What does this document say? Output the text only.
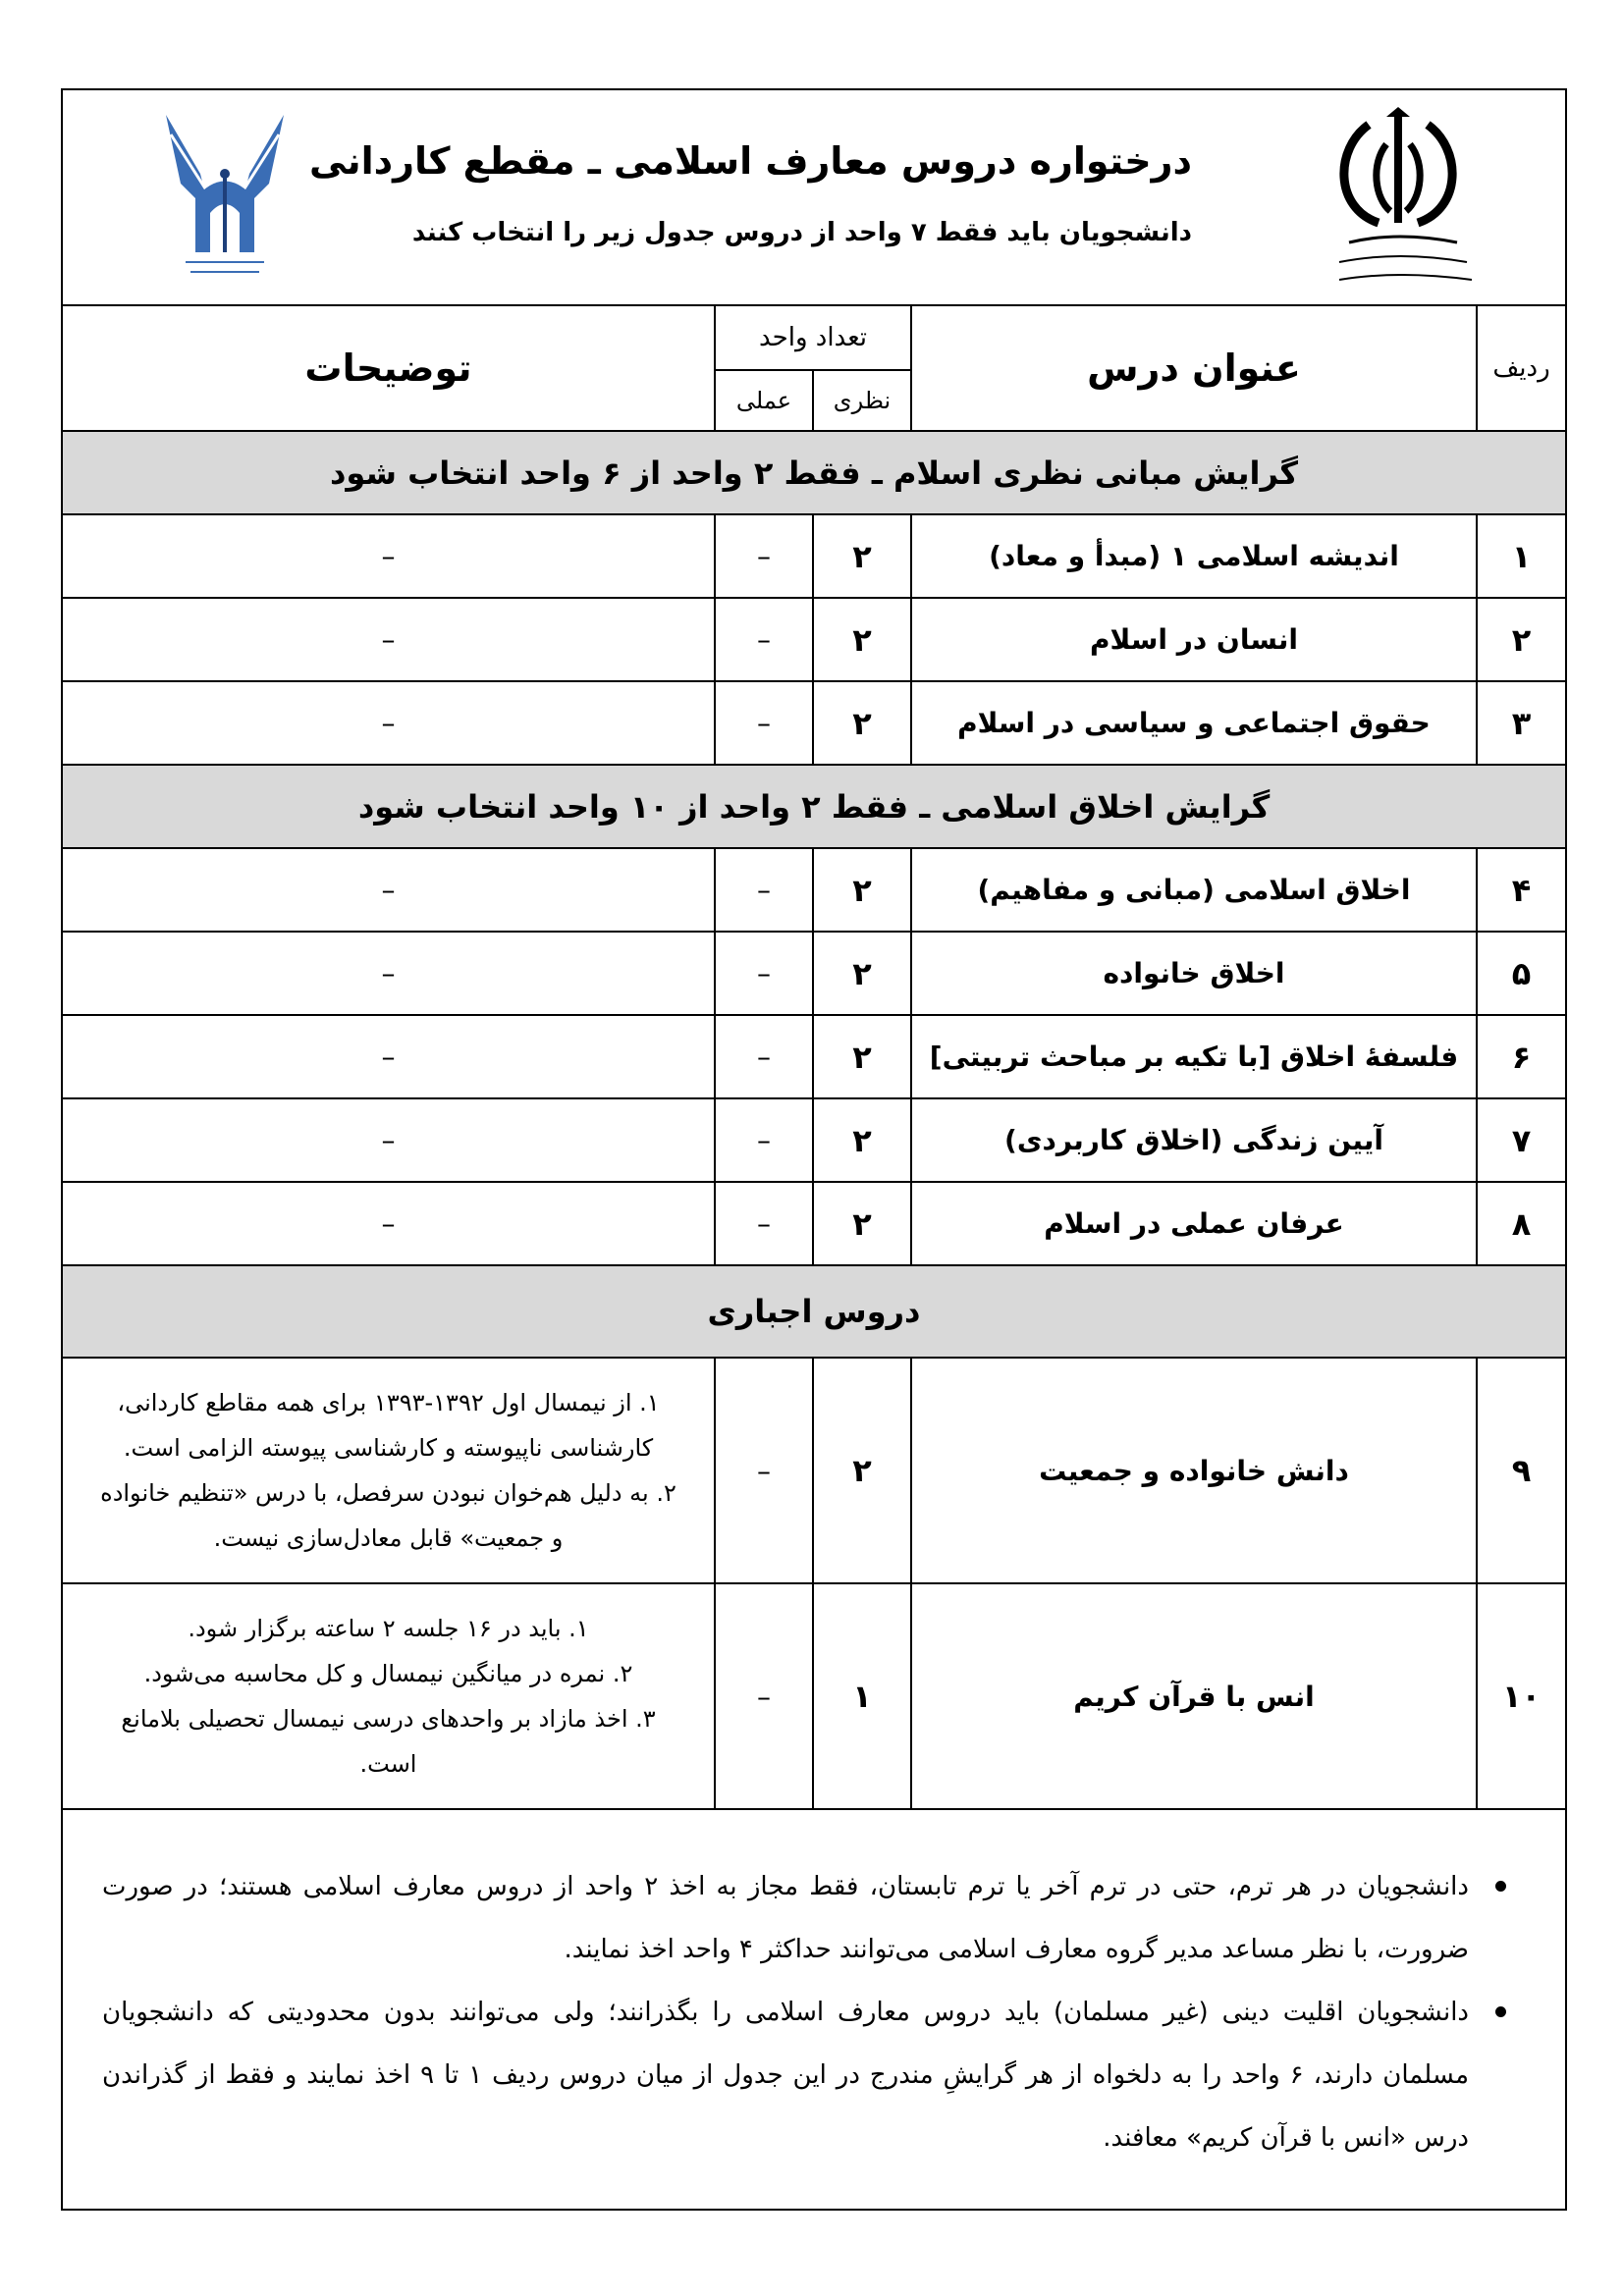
درختواره دروس معارف اسلامی ـ مقطع کاردانی
دانشجویان باید فقط ۷ واحد از دروس جدول زیر را انتخاب کنند
ردیف	عنوان درس	تعداد واحد		توضیحات
		نظری	عملی	
گرایش مبانی نظری اسلام ـ فقط ۲ واحد از ۶ واحد انتخاب شود				
۱	اندیشه اسلامی ۱ (مبدأ و معاد)	۲	–	–
۲	انسان در اسلام	۲	–	–
۳	حقوق اجتماعی و سیاسی در اسلام	۲	–	–
گرایش اخلاق اسلامی ـ فقط ۲ واحد از ۱۰ واحد انتخاب شود				
۴	اخلاق اسلامی (مبانی و مفاهیم)	۲	–	–
۵	اخلاق خانواده	۲	–	–
۶	فلسفهٔ اخلاق [با تکیه بر مباحث تربیتی]	۲	–	–
۷	آیین زندگی (اخلاق کاربردی)	۲	–	–
۸	عرفان عملی در اسلام	۲	–	–
دروس اجباری				
۹	دانش خانواده و جمعیت	۲	–	۱. از نیمسال اول ۱۳۹۲-۱۳۹۳ برای همه مقاطع کاردانی،
کارشناسی ناپیوسته و کارشناسی پیوسته الزامی است.
۲. به دلیل هم‌خوان نبودن سرفصل، با درس «تنظیم خانواده
و جمعیت» قابل معادل‌سازی نیست.

۱۰	انس با قرآن کریم	۱	–	۱. باید در ۱۶ جلسه ۲ ساعته برگزار شود.
۲. نمره در میانگین نیمسال و کل محاسبه می‌شود.
۳. اخذ مازاد بر واحدهای درسی نیمسال تحصیلی بلامانع
است.
دانشجویان در هر ترم، حتی در ترم آخر یا ترم تابستان، فقط مجاز به اخذ ۲ واحد از دروس معارف اسلامی هستند؛ در صورت ضرورت، با نظر مساعد مدیر گروه معارف اسلامی می‌توانند حداکثر ۴ واحد اخذ نمایند.
دانشجویان اقلیت دینی (غیر مسلمان) باید دروس معارف اسلامی را بگذرانند؛ ولی می‌توانند بدون محدودیتی که دانشجویان مسلمان دارند، ۶ واحد را به دلخواه از هر گرایشِ مندرج در این جدول از میان دروس ردیف ۱ تا ۹ اخذ نمایند و فقط از گذراندن درس «انس با قرآن کریم» معافند.
